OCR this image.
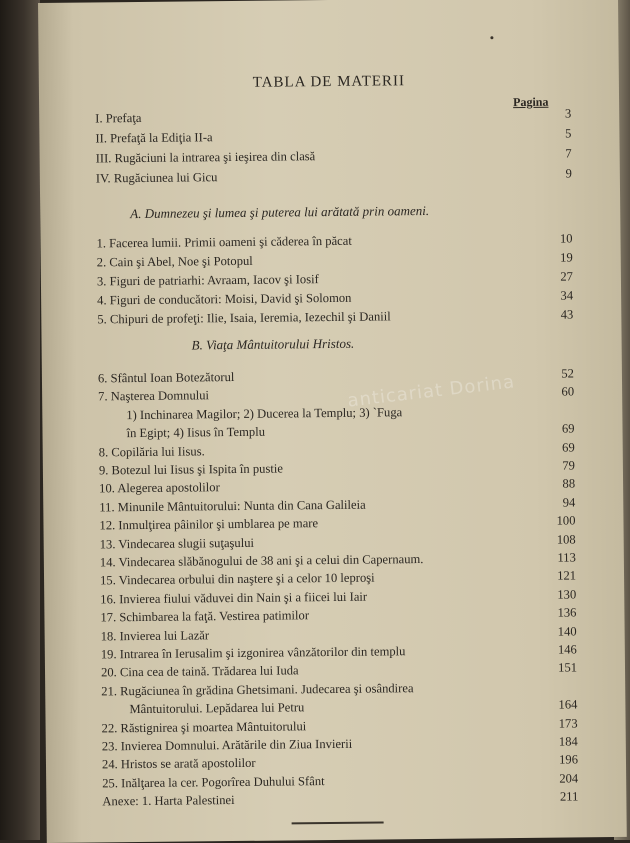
TABLA DE MATERII
Pagina
I. Prefaţa	3
II. Prefaţă la Ediţia II-a	5
III. Rugăciuni la intrarea şi ieşirea din clasă	7
IV. Rugăciunea lui Gicu	9
A. Dumnezeu şi lumea şi puterea lui arătată prin oameni.
1. Facerea lumii. Primii oameni şi căderea în păcat	10
2. Cain şi Abel, Noe şi Potopul	19
3. Figuri de patriarhi: Avraam, Iacov şi Iosif	27
4. Figuri de conducători: Moisi, David şi Solomon	34
5. Chipuri de profeţi: Ilie, Isaia, Ieremia, Iezechil şi Daniil	43
B. Viaţa Mântuitorului Hristos.
6. Sfântul Ioan Botezătorul	52
7. Naşterea Domnului	60
1) Inchinarea Magilor; 2) Ducerea la Templu; 3) `Fuga
în Egipt; 4) Iisus în Templu	69
8. Copilăria lui Iisus.	69
9. Botezul lui Iisus şi Ispita în pustie	79
10. Alegerea apostolilor	88
11. Minunile Mântuitorului: Nunta din Cana Galileia	94
12. Inmulţirea pâinilor şi umblarea pe mare	100
13. Vindecarea slugii suţaşului	108
14. Vindecarea slăbănogului de 38 ani şi a celui din Capernaum.	113
15. Vindecarea orbului din naştere şi a celor 10 leproşi	121
16. Invierea fiului văduvei din Nain şi a fiicei lui Iair	130
17. Schimbarea la faţă. Vestirea patimilor	136
18. Invierea lui Lazăr	140
19. Intrarea în Ierusalim şi izgonirea vânzătorilor din templu	146
20. Cina cea de taină. Trădarea lui Iuda	151
21. Rugăciunea în grădina Ghetsimani. Judecarea şi osândirea
Mântuitorului. Lepădarea lui Petru	164
22. Răstignirea şi moartea Mântuitorului	173
23. Invierea Domnului. Arătările din Ziua Invierii	184
24. Hristos se arată apostolilor	196
25. Inălţarea la cer. Pogorîrea Duhului Sfânt	204
Anexe: 1. Harta Palestinei	211
anticariat Dorina
